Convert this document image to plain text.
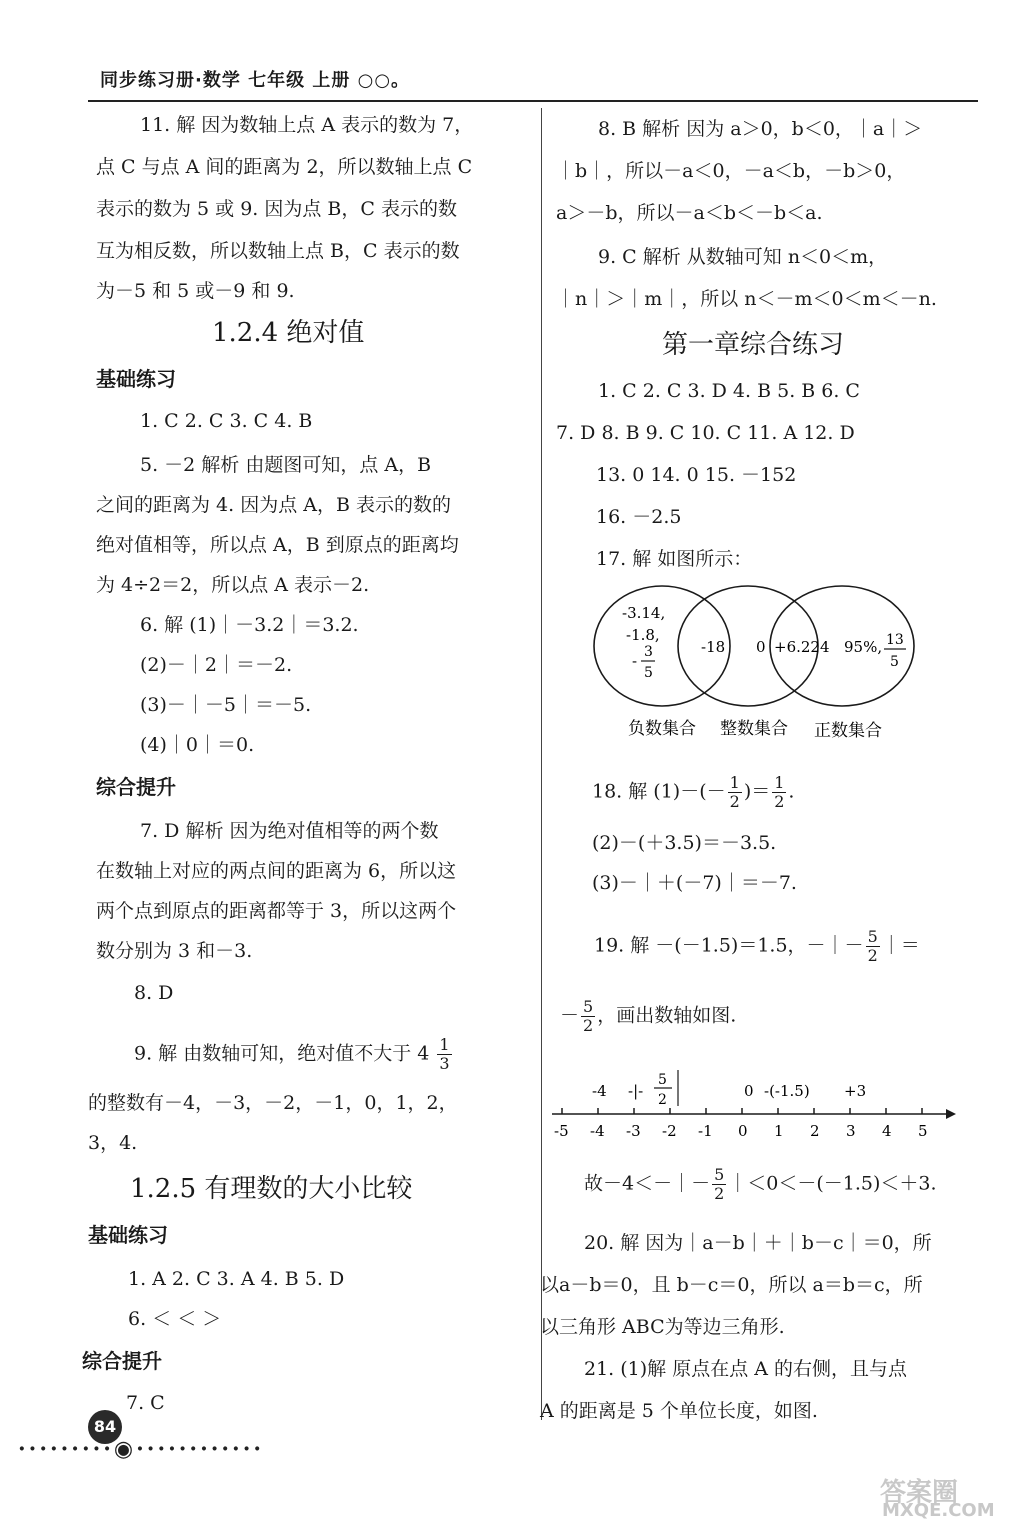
同步练习册·数学 七年级 上册 ○○。
11. 解 因为数轴上点 A 表示的数为 7，
点 C 与点 A 间的距离为 2，所以数轴上点 C
表示的数为 5 或 9. 因为点 B，C 表示的数
互为相反数，所以数轴上点 B，C 表示的数
为－5 和 5 或－9 和 9.
1.2.4 绝对值
基础练习
1. C 2. C 3. C 4. B
5. －2 解析 由题图可知，点 A，B
之间的距离为 4. 因为点 A，B 表示的数的
绝对值相等，所以点 A，B 到原点的距离均
为 4÷2＝2，所以点 A 表示－2.
6. 解 (1)｜－3.2｜＝3.2.
(2)－｜2｜＝－2.
(3)－｜－5｜＝－5.
(4)｜0｜＝0.
综合提升
7. D 解析 因为绝对值相等的两个数
在数轴上对应的两点间的距离为 6，所以这
两个点到原点的距离都等于 3，所以这两个
数分别为 3 和－3.
8. D
9. 解 由数轴可知，绝对值不大于 $4 \frac{1}{3}$
的整数有－4，－3，－2，－1，0，1，2，
3，4.
1.2.5 有理数的大小比较
基础练习
1. A 2. C 3. A 4. B 5. D
6. ＜ ＜ ＞
综合提升
7. C
8. B 解析 因为 a＞0，b＜0，｜a｜＞
｜b｜，所以－a＜0，－a＜b，－b＞0，
a＞－b，所以－a＜b＜－b＜a.
9. C 解析 从数轴可知 n＜0＜m，
｜n｜＞｜m｜，所以 n＜－m＜0＜m＜－n.
第一章综合练习
1. C 2. C 3. D 4. B 5. B 6. C
7. D 8. B 9. C 10. C 11. A 12. D
13. 0 14. 0 15. －152
16. －2.5
17. 解 如图所示：
-3.14,
-1.8,
- 3
5
-18 0 +6.224 95%, 13
5
负数集合 整数集合 正数集合
18. 解 $(1)-(- \frac{1}{2}$ )＝ $\frac{1}{2}$ .
(2)－(＋3.5)＝－3.5.
(3)－｜＋(－7)｜＝－7.
19. 解 －(－1.5)＝1.5，－｜－ $\frac{5}{2}$ ｜＝
－ $\frac{5}{2}$ ，画出数轴如图.
-5 -4 -3 -2 -1 0 1 2 3 4 5
-4 -|-
5
2	0 -(-1.5) +3
故－4＜－｜－ $\frac{5}{2}$ ｜＜0＜－(－1.5)＜＋3.
20. 解 因为｜a－b｜＋｜b－c｜＝0，所
以a－b＝0，且 b－c＝0，所以 a＝b＝c，所
以三角形 ABC为等边三角形.
21. (1)解 原点在点 A 的右侧，且与点
A 的距离是 5 个单位长度，如图.
84
·········◉············
答案圈
MXQE.COM
